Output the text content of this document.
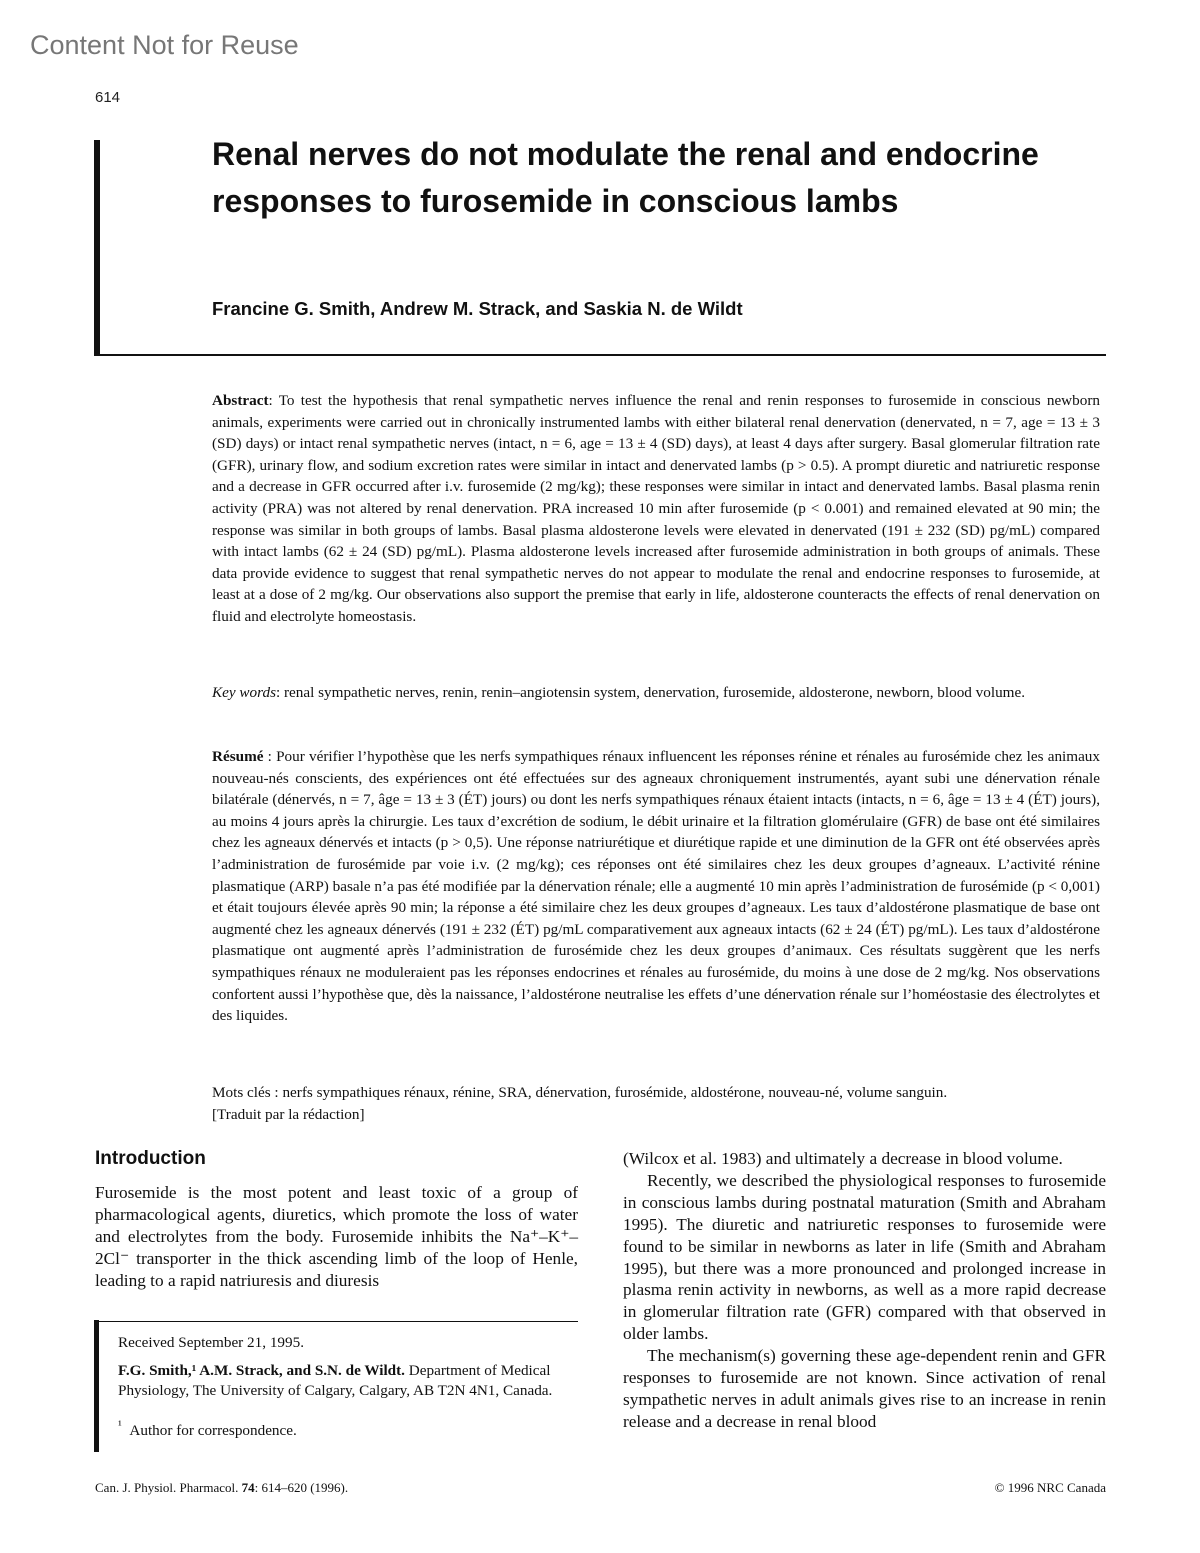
Content Not for Reuse
614
Renal nerves do not modulate the renal and endocrine responses to furosemide in conscious lambs
Francine G. Smith, Andrew M. Strack, and Saskia N. de Wildt
Abstract: To test the hypothesis that renal sympathetic nerves influence the renal and renin responses to furosemide in conscious newborn animals, experiments were carried out in chronically instrumented lambs with either bilateral renal denervation (denervated, n = 7, age = 13 ± 3 (SD) days) or intact renal sympathetic nerves (intact, n = 6, age = 13 ± 4 (SD) days), at least 4 days after surgery. Basal glomerular filtration rate (GFR), urinary flow, and sodium excretion rates were similar in intact and denervated lambs (p > 0.5). A prompt diuretic and natriuretic response and a decrease in GFR occurred after i.v. furosemide (2 mg/kg); these responses were similar in intact and denervated lambs. Basal plasma renin activity (PRA) was not altered by renal denervation. PRA increased 10 min after furosemide (p < 0.001) and remained elevated at 90 min; the response was similar in both groups of lambs. Basal plasma aldosterone levels were elevated in denervated (191 ± 232 (SD) pg/mL) compared with intact lambs (62 ± 24 (SD) pg/mL). Plasma aldosterone levels increased after furosemide administration in both groups of animals. These data provide evidence to suggest that renal sympathetic nerves do not appear to modulate the renal and endocrine responses to furosemide, at least at a dose of 2 mg/kg. Our observations also support the premise that early in life, aldosterone counteracts the effects of renal denervation on fluid and electrolyte homeostasis.
Key words: renal sympathetic nerves, renin, renin–angiotensin system, denervation, furosemide, aldosterone, newborn, blood volume.
Résumé : Pour vérifier l’hypothèse que les nerfs sympathiques rénaux influencent les réponses rénine et rénales au furosémide chez les animaux nouveau-nés conscients, des expériences ont été effectuées sur des agneaux chroniquement instrumentés, ayant subi une dénervation rénale bilatérale (dénervés, n = 7, âge = 13 ± 3 (ÉT) jours) ou dont les nerfs sympathiques rénaux étaient intacts (intacts, n = 6, âge = 13 ± 4 (ÉT) jours), au moins 4 jours après la chirurgie. Les taux d’excrétion de sodium, le débit urinaire et la filtration glomérulaire (GFR) de base ont été similaires chez les agneaux dénervés et intacts (p > 0,5). Une réponse natriurétique et diurétique rapide et une diminution de la GFR ont été observées après l’administration de furosémide par voie i.v. (2 mg/kg); ces réponses ont été similaires chez les deux groupes d’agneaux. L’activité rénine plasmatique (ARP) basale n’a pas été modifiée par la dénervation rénale; elle a augmenté 10 min après l’administration de furosémide (p < 0,001) et était toujours élevée après 90 min; la réponse a été similaire chez les deux groupes d’agneaux. Les taux d’aldostérone plasmatique de base ont augmenté chez les agneaux dénervés (191 ± 232 (ÉT) pg/mL comparativement aux agneaux intacts (62 ± 24 (ÉT) pg/mL). Les taux d’aldostérone plasmatique ont augmenté après l’administration de furosémide chez les deux groupes d’animaux. Ces résultats suggèrent que les nerfs sympathiques rénaux ne moduleraient pas les réponses endocrines et rénales au furosémide, du moins à une dose de 2 mg/kg. Nos observations confortent aussi l’hypothèse que, dès la naissance, l’aldostérone neutralise les effets d’une dénervation rénale sur l’homéostasie des électrolytes et des liquides.
Mots clés : nerfs sympathiques rénaux, rénine, SRA, dénervation, furosémide, aldostérone, nouveau-né, volume sanguin.
[Traduit par la rédaction]
Introduction

Furosemide is the most potent and least toxic of a group of pharmacological agents, diuretics, which promote the loss of water and electrolytes from the body. Furosemide inhibits the Na⁺–K⁺–2Cl⁻ transporter in the thick ascending limb of the loop of Henle, leading to a rapid natriuresis and diuresis

(Wilcox et al. 1983) and ultimately a decrease in blood volume.

Recently, we described the physiological responses to furosemide in conscious lambs during postnatal maturation (Smith and Abraham 1995). The diuretic and natriuretic responses to furosemide were found to be similar in newborns as later in life (Smith and Abraham 1995), but there was a more pronounced and prolonged increase in plasma renin activity in newborns, as well as a more rapid decrease in glomerular filtration rate (GFR) compared with that observed in older lambs.

The mechanism(s) governing these age-dependent renin and GFR responses to furosemide are not known. Since activation of renal sympathetic nerves in adult animals gives rise to an increase in renin release and a decrease in renal blood

Received September 21, 1995.

F.G. Smith,¹ A.M. Strack, and S.N. de Wildt. Department of Medical Physiology, The University of Calgary, Calgary, AB T2N 4N1, Canada.

$^{^1}$ Author for correspondence.

Can. J. Physiol. Pharmacol. 74: 614–620 (1996).	© 1996 NRC Canada
